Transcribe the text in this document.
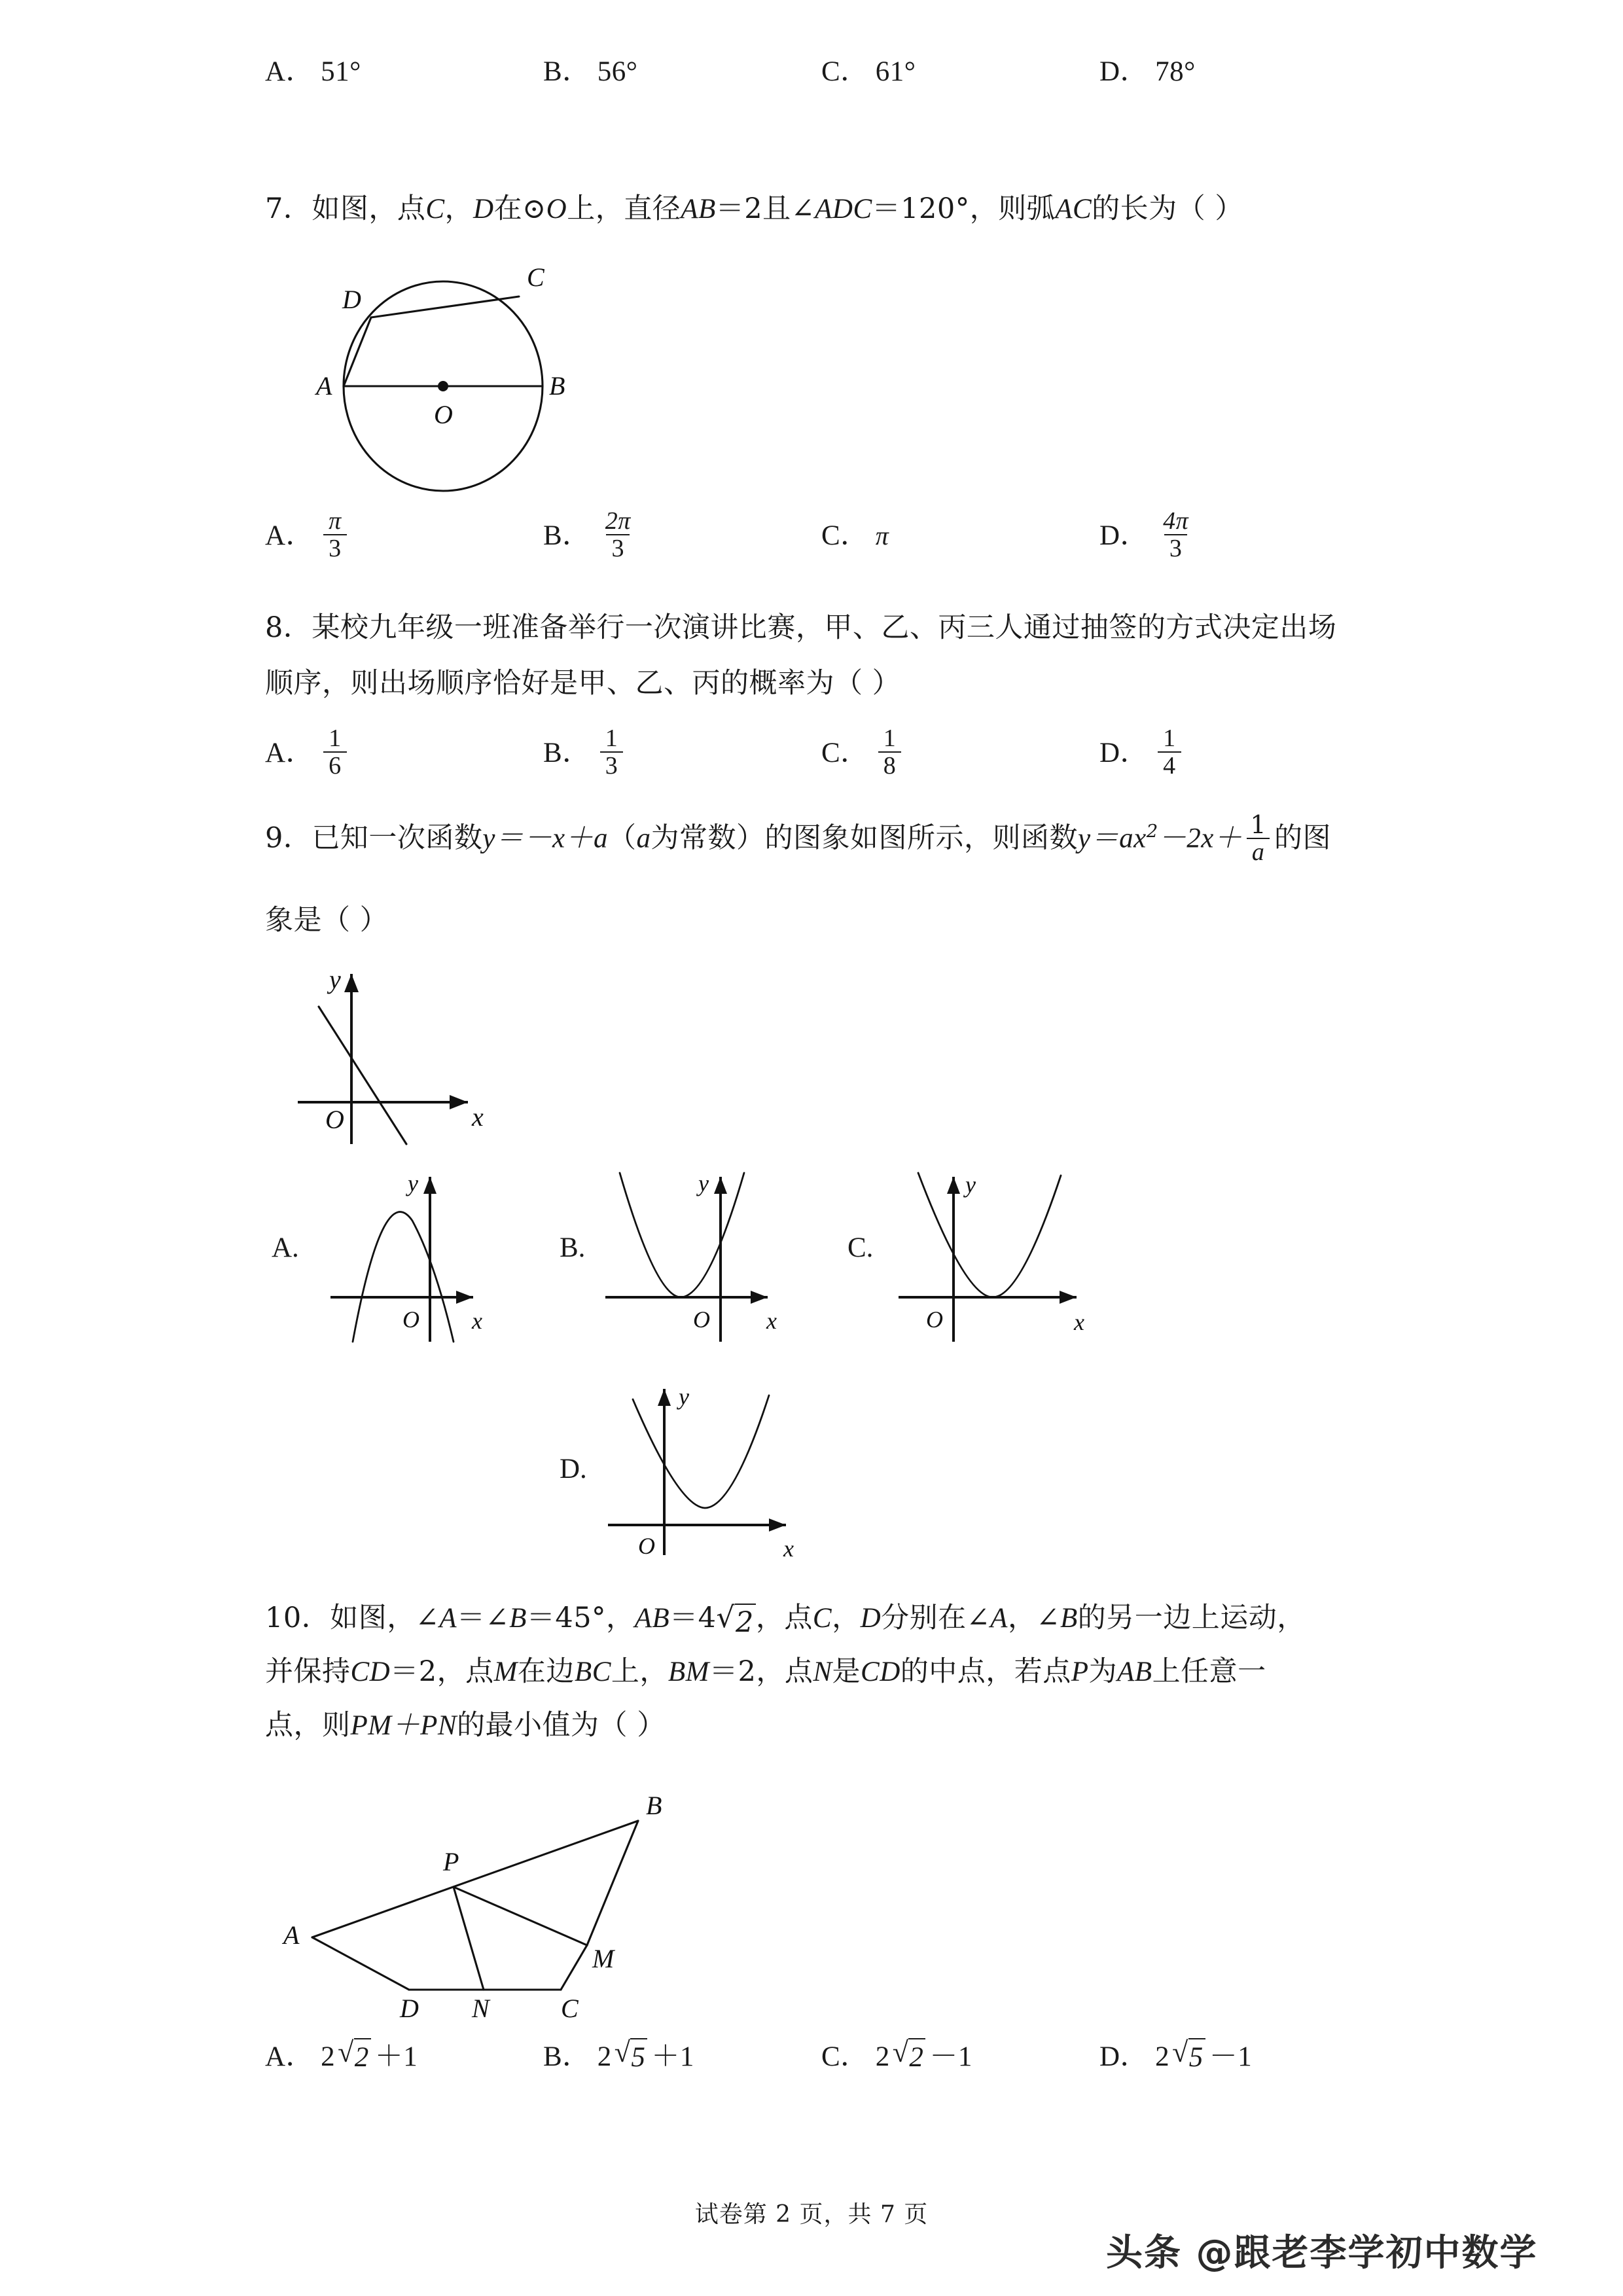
A． 51°	B． 56°	C． 61°	D． 78°
7．如图，点C，D在⊙O上，直径AB＝2且∠ADC＝120°，则弧AC的长为（ ）
A	B
C
D
O
A． $\frac{\pi}{3}$	B． $\frac{2\pi}{3}$	C． π	D． $\frac{4\pi}{3}$
8．某校九年级一班准备举行一次演讲比赛，甲、乙、丙三人通过抽签的方式决定出场
顺序，则出场顺序恰好是甲、乙、丙的概率为（ ）
A． $\frac{1}{6}$	B． $\frac{1}{3}$	C． $\frac{1}{8}$	D． $\frac{1}{4}$
9．已知一次函数y＝－x＋a（a为常数）的图象如图所示，则函数$y=ax^2-2x+ \frac{1}{a}$ 的图
象是（ ）
y
x
O
A.
y
x
O
B.
y
x
O
C.
y
x
O
D.
y
x
O
10．如图，∠A＝∠B＝45°，AB＝4 √ 2 ，点C，D分别在∠A，∠B的另一边上运动，
并保持CD＝2，点M在边BC上，BM＝2，点N是CD的中点，若点P为AB上任意一
点，则PM＋PN的最小值为（ ）
A
B
C
D
M
N
P
A． 2 √ 2 ＋1	B． 2 √ 5 ＋1	C． 2 √ 2 －1	D． 2 √ 5 －1
试卷第 2 页，共 7 页
头条 @跟老李学初中数学
